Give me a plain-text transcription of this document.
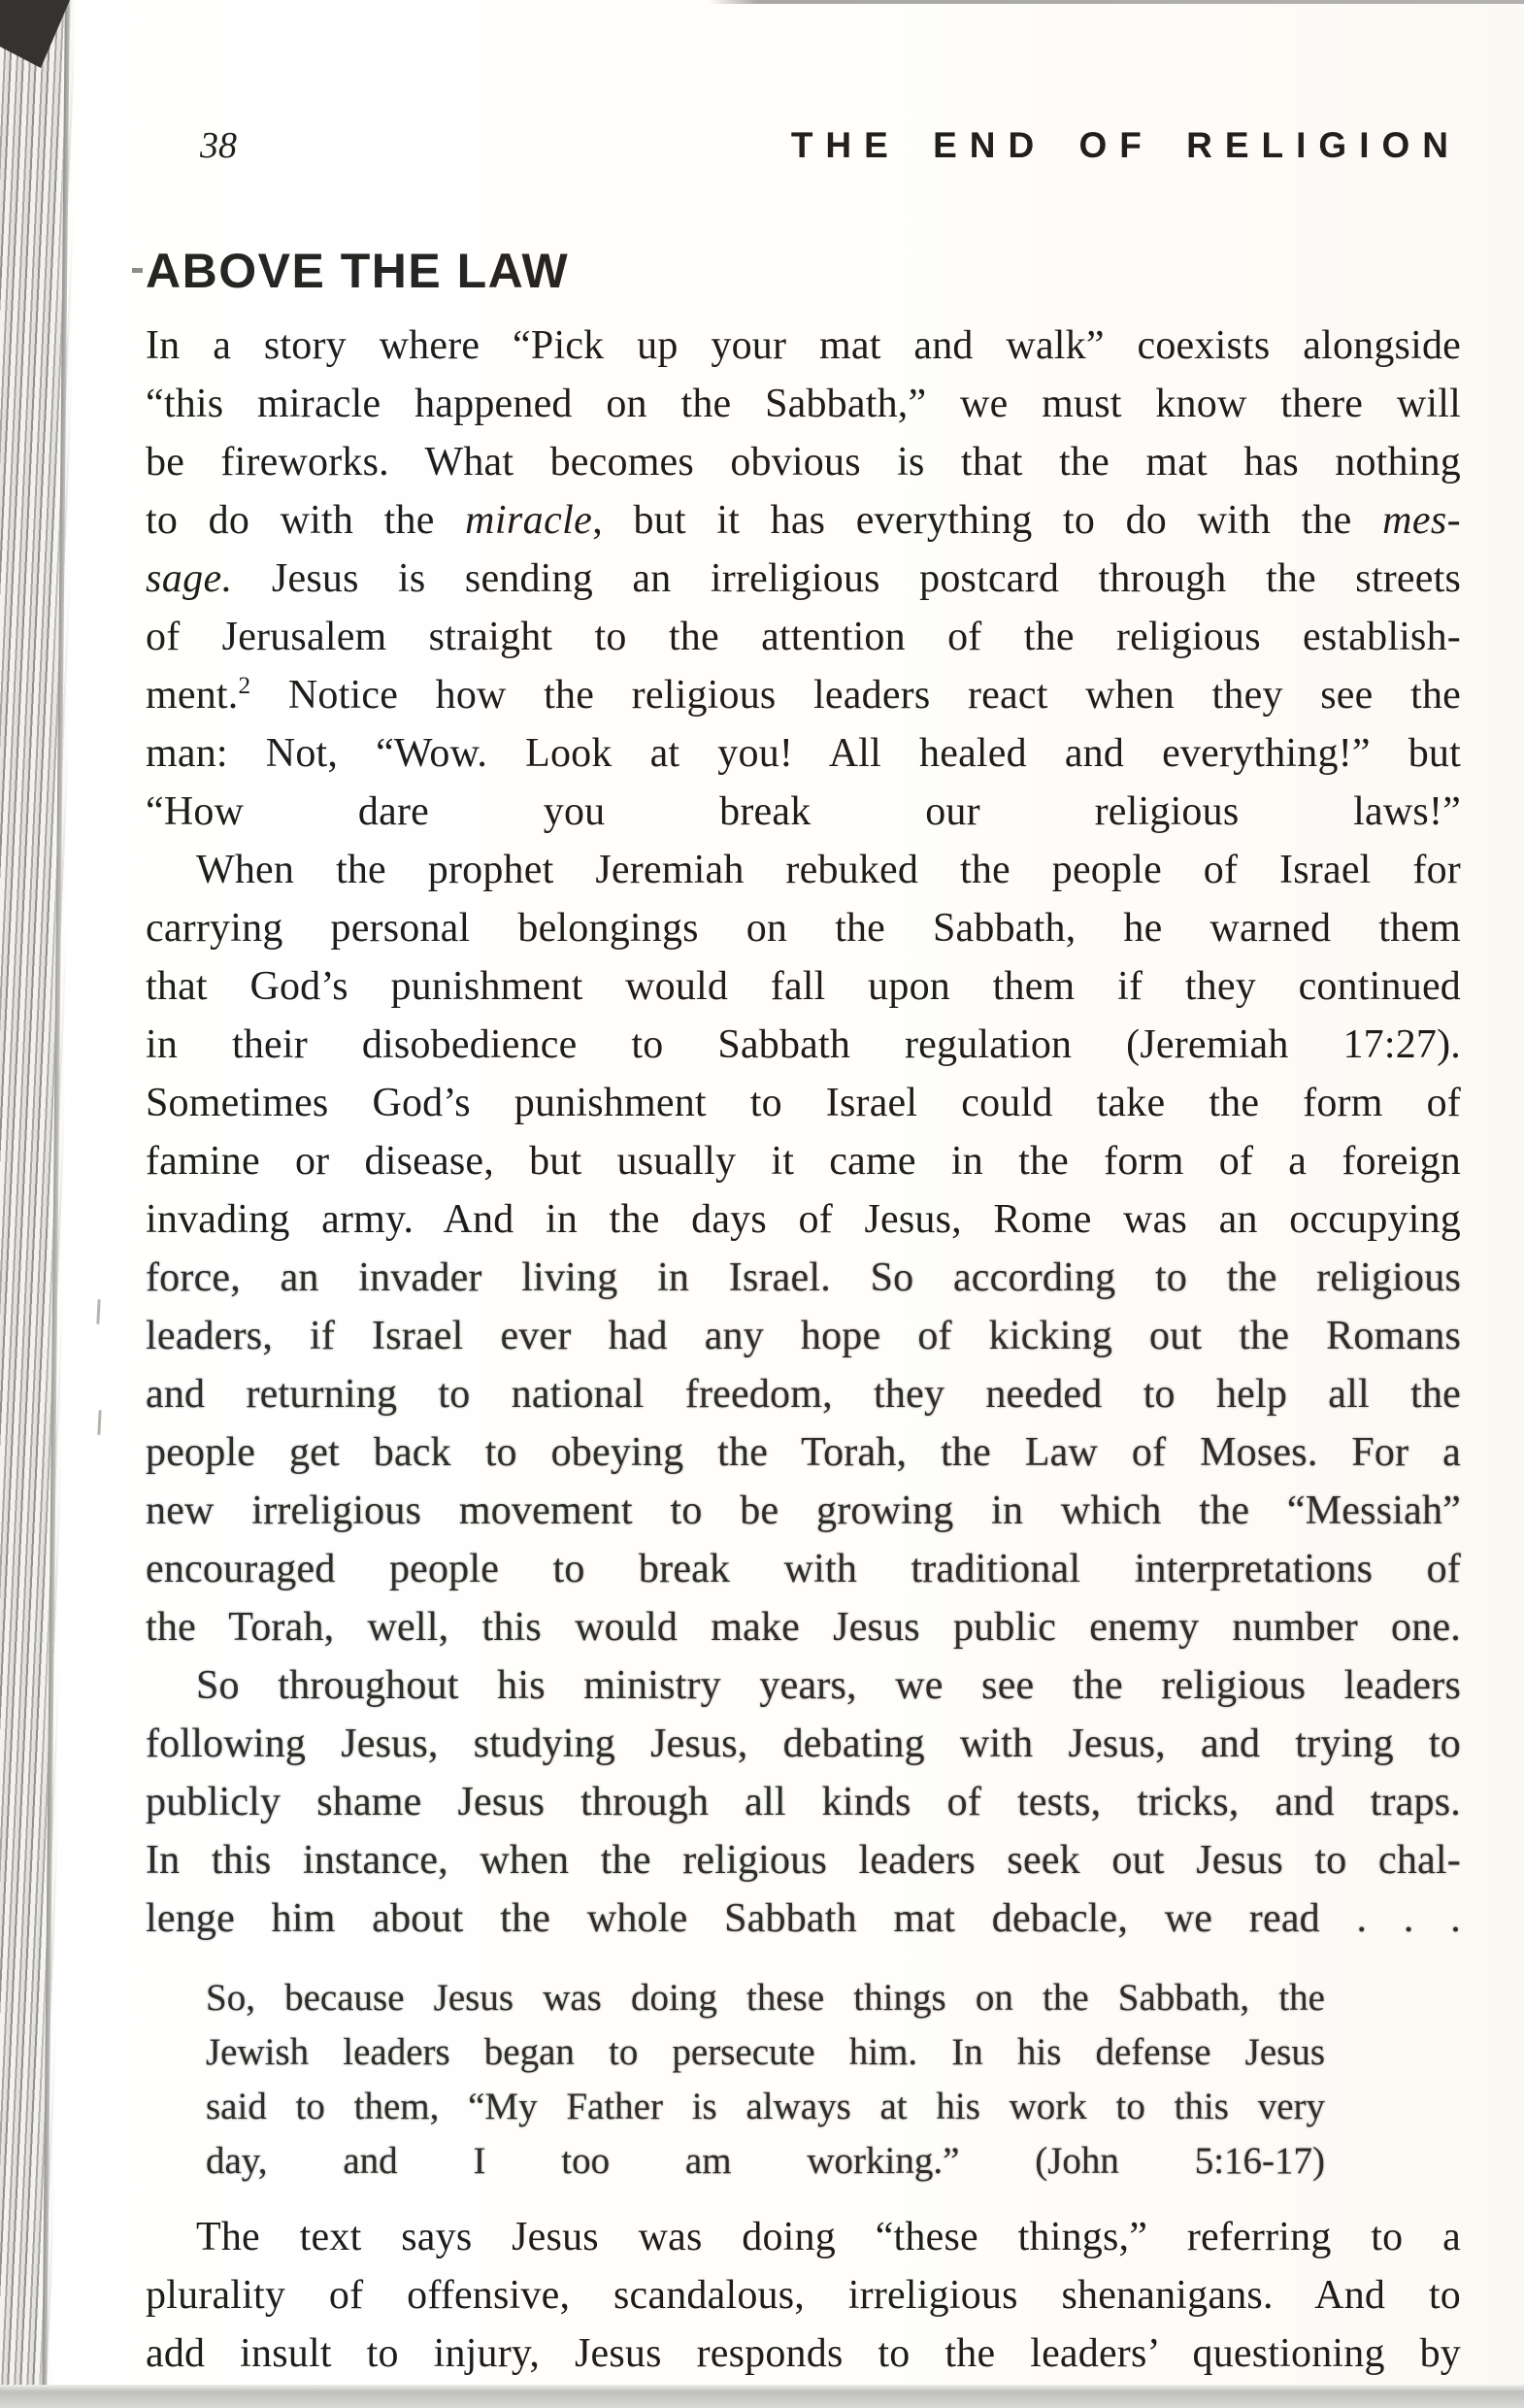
38	THE END OF RELIGION
ABOVE THE LAW
In a story where “Pick up your mat and walk” coexists alongside
“this miracle happened on the Sabbath,” we must know there will
be fireworks. What becomes obvious is that the mat has nothing
to do with the miracle, but it has everything to do with the mes-
sage. Jesus is sending an irreligious postcard through the streets
of Jerusalem straight to the attention of the religious establish-
ment.$^2$ Notice how the religious leaders react when they see the
man: Not, “Wow. Look at you! All healed and everything!” but
“How dare you break our religious laws!”
When the prophet Jeremiah rebuked the people of Israel for
carrying personal belongings on the Sabbath, he warned them
that God’s punishment would fall upon them if they continued
in their disobedience to Sabbath regulation (Jeremiah 17:27).
Sometimes God’s punishment to Israel could take the form of
famine or disease, but usually it came in the form of a foreign
invading army. And in the days of Jesus, Rome was an occupying
force, an invader living in Israel. So according to the religious
leaders, if Israel ever had any hope of kicking out the Romans
and returning to national freedom, they needed to help all the
people get back to obeying the Torah, the Law of Moses. For a
new irreligious movement to be growing in which the “Messiah”
encouraged people to break with traditional interpretations of
the Torah, well, this would make Jesus public enemy number one.
So throughout his ministry years, we see the religious leaders
following Jesus, studying Jesus, debating with Jesus, and trying to
publicly shame Jesus through all kinds of tests, tricks, and traps.
In this instance, when the religious leaders seek out Jesus to chal-
lenge him about the whole Sabbath mat debacle, we read . . .
So, because Jesus was doing these things on the Sabbath, the
Jewish leaders began to persecute him. In his defense Jesus
said to them, “My Father is always at his work to this very
day, and I too am working.” (John 5:16-17)
The text says Jesus was doing “these things,” referring to a
plurality of offensive, scandalous, irreligious shenanigans. And to
add insult to injury, Jesus responds to the leaders’ questioning by
